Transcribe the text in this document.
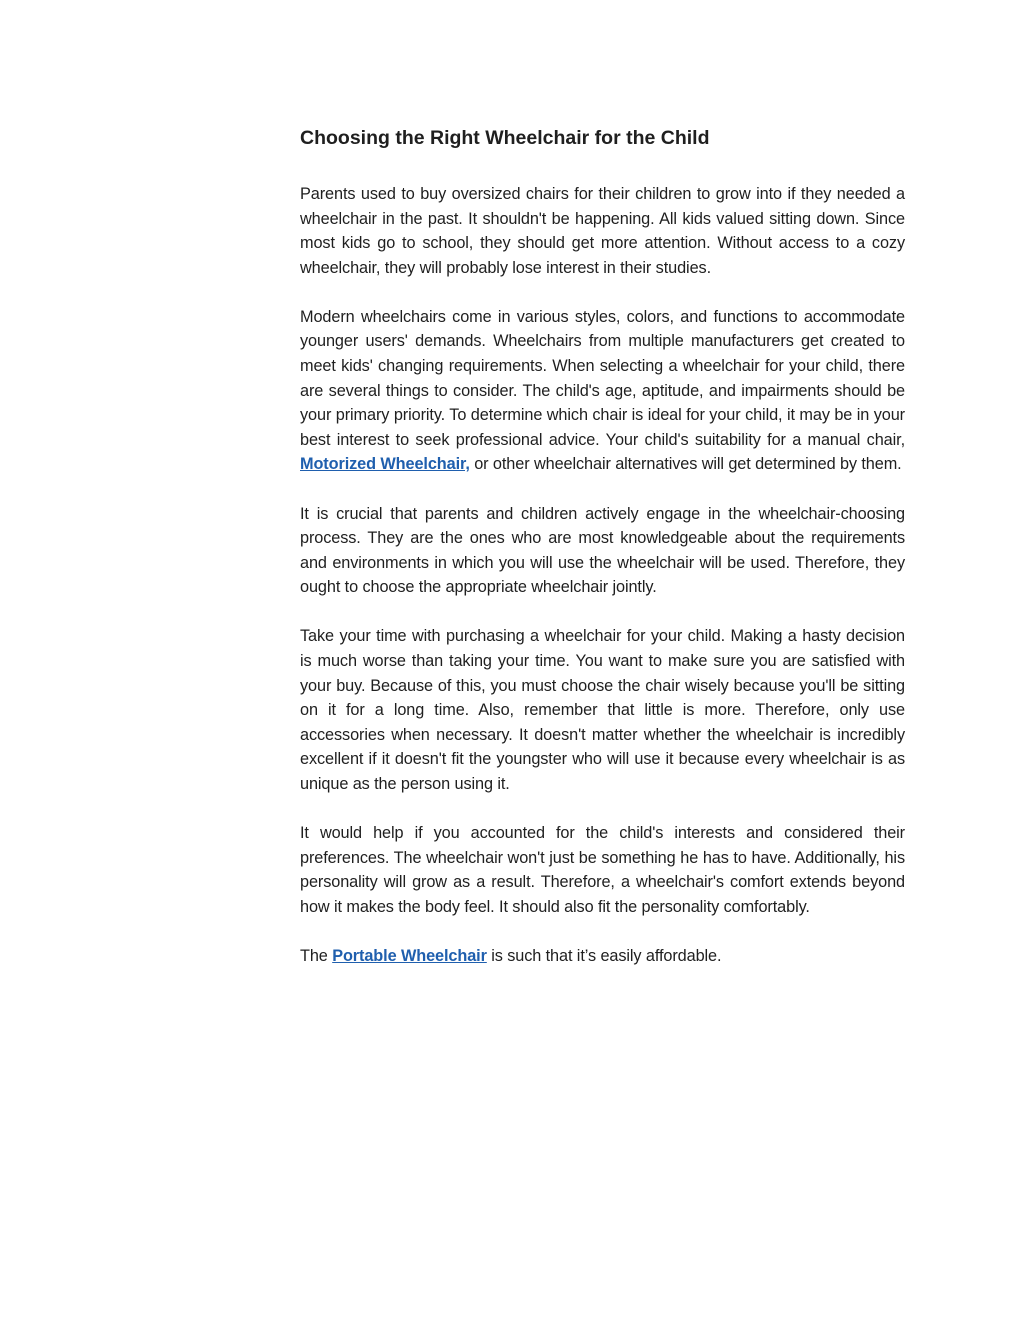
Choosing the Right Wheelchair for the Child

Parents used to buy oversized chairs for their children to grow into if they needed a wheelchair in the past. It shouldn't be happening. All kids valued sitting down. Since most kids go to school, they should get more attention. Without access to a cozy wheelchair, they will probably lose interest in their studies.

Modern wheelchairs come in various styles, colors, and functions to accommodate younger users' demands. Wheelchairs from multiple manufacturers get created to meet kids' changing requirements. When selecting a wheelchair for your child, there are several things to consider. The child's age, aptitude, and impairments should be your primary priority. To determine which chair is ideal for your child, it may be in your best interest to seek professional advice. Your child's suitability for a manual chair, Motorized Wheelchair, or other wheelchair alternatives will get determined by them.

It is crucial that parents and children actively engage in the wheelchair-choosing process. They are the ones who are most knowledgeable about the requirements and environments in which you will use the wheelchair will be used. Therefore, they ought to choose the appropriate wheelchair jointly.

Take your time with purchasing a wheelchair for your child. Making a hasty decision is much worse than taking your time. You want to make sure you are satisfied with your buy. Because of this, you must choose the chair wisely because you'll be sitting on it for a long time. Also, remember that little is more. Therefore, only use accessories when necessary. It doesn't matter whether the wheelchair is incredibly excellent if it doesn't fit the youngster who will use it because every wheelchair is as unique as the person using it.

It would help if you accounted for the child's interests and considered their preferences. The wheelchair won't just be something he has to have. Additionally, his personality will grow as a result. Therefore, a wheelchair's comfort extends beyond how it makes the body feel. It should also fit the personality comfortably.

The Portable Wheelchair is such that it’s easily affordable.
